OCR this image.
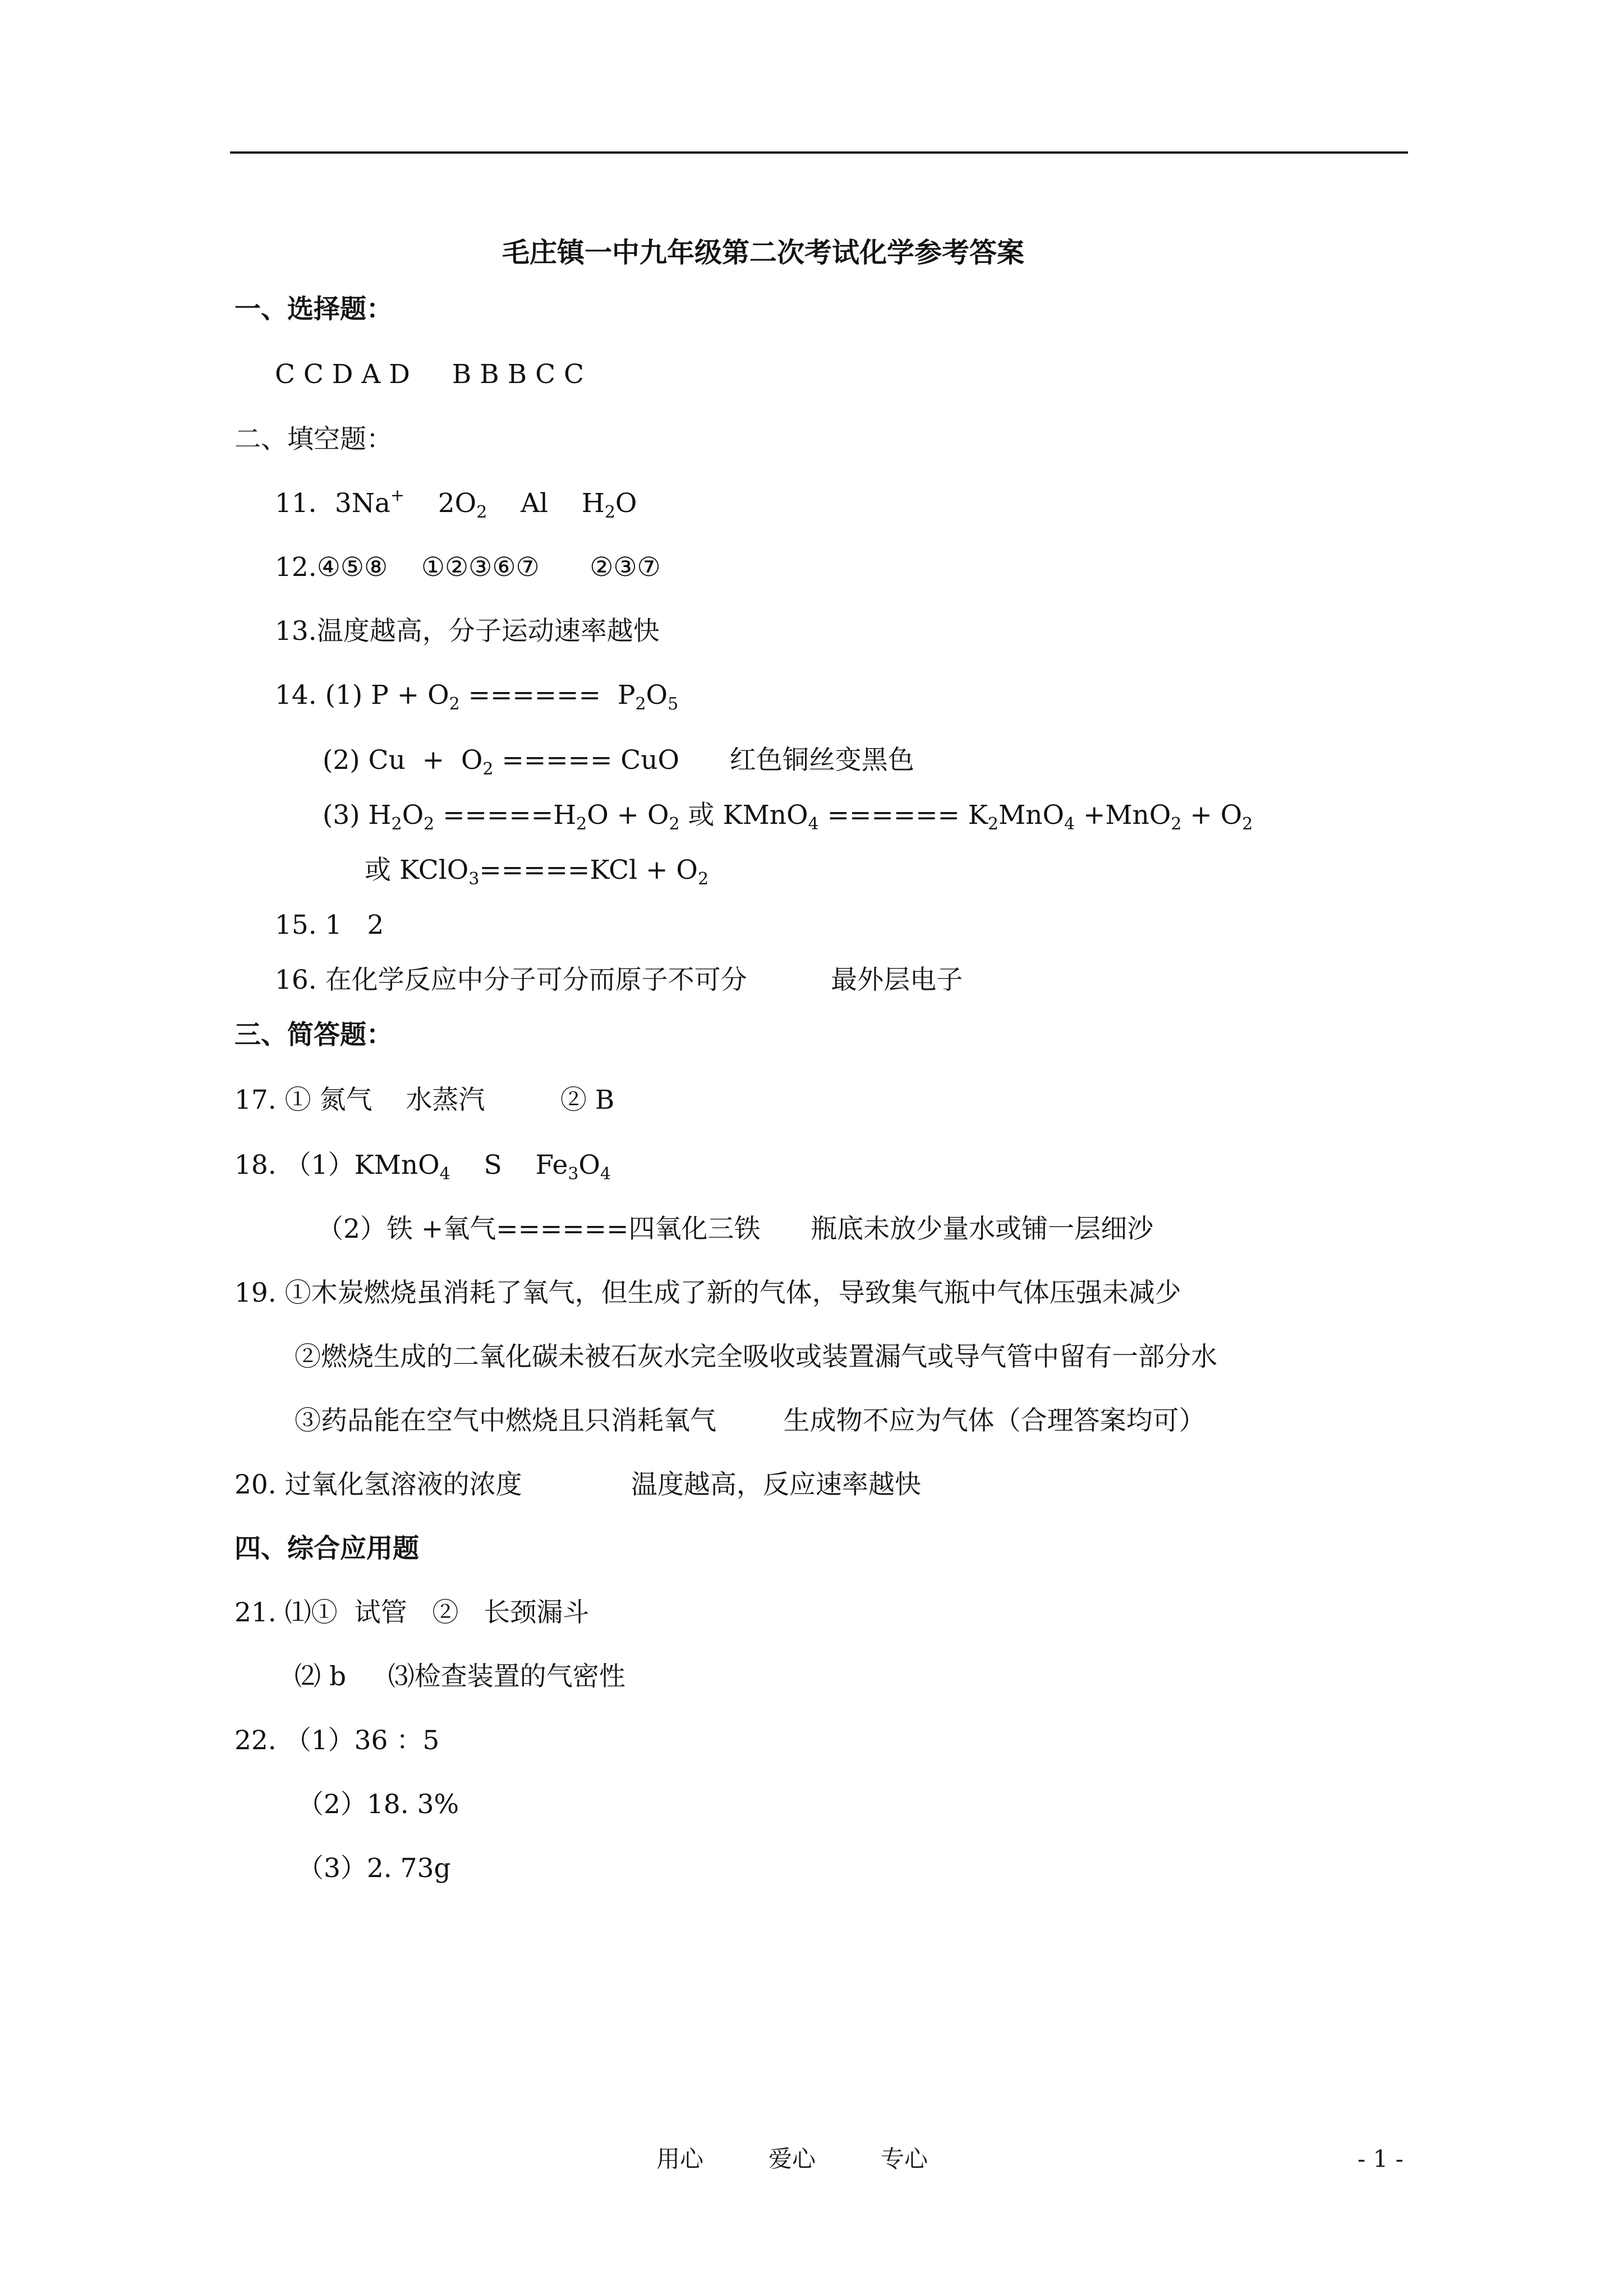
毛庄镇一中九年级第二次考试化学参考答案
一、选择题：
C C D A D     B B B C C
二、填空题：
11．3Na+ $2O_2$ Al $H_2O$
12.④⑤⑧    ①②③⑥⑦      ②③⑦
13.温度越高，分子运动速率越快
14. (1) $P + O_2$ ======  $P_2O_5$
(2) $Cu + O_2$ ===== CuO      红色铜丝变黑色
(3) $H_2O_2 =====H_2O + O_2$ 或 KMnO$_4$ ====== $K_2MnO_4 +MnO_2 + O_2$
或 KClO$_3$=====KCl + $O_2$
15. 1   2
16. 在化学反应中分子可分而原子不可分          最外层电子
三、简答题：
17. ① 氮气    水蒸汽         ② B
18. （1）KMnO$_4$    S    $Fe_3O_4$
（2）铁 +氧气======四氧化三铁      瓶底未放少量水或铺一层细沙
19. ①木炭燃烧虽消耗了氧气，但生成了新的气体，导致集气瓶中气体压强未减少
②燃烧生成的二氧化碳未被石灰水完全吸收或装置漏气或导气管中留有一部分水
③药品能在空气中燃烧且只消耗氧气        生成物不应为气体（合理答案均可）
20. 过氧化氢溶液的浓度             温度越高，反应速率越快
四、综合应用题
21. ⑴①  试管   ②   长颈漏斗
⑵ b     ⑶检查装置的气密性
22. （1）36 ：5
（2）18. 3%
（3）2. 73g
用心	爱心	专心	- 1 -
